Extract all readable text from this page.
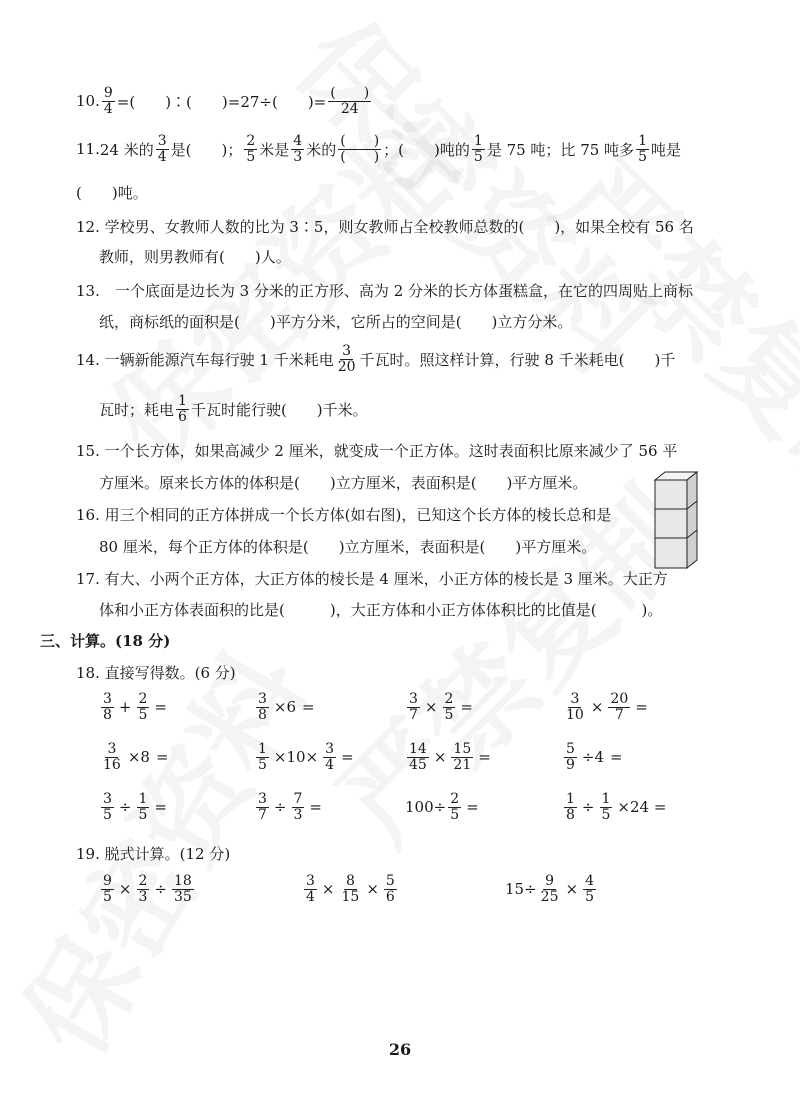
10. $\frac{9}{4}$ =(　　)∶(　　)=27÷(　　)= $\frac{( )}{24}$
11. 24 米的 $\frac{3}{4}$ 是(　　)； $\frac{2}{5}$ 米是 $\frac{4}{3}$ 米的 $\frac{( )}{( )}$ ；(　　)吨的 $\frac{1}{5}$ 是 75 吨；比 75 吨多 $\frac{1}{5}$ 吨是
(　　)吨。
12. 学校男、女教师人数的比为 3∶5，则女教师占全校教师总数的(　　)，如果全校有 56 名
教师，则男教师有(　　)人。
13.　一个底面是边长为 3 分米的正方形、高为 2 分米的长方体蛋糕盒，在它的四周贴上商标
纸，商标纸的面积是(　　)平方分米，它所占的空间是(　　)立方分米。
14. 一辆新能源汽车每行驶 1 千米耗电 $\frac{3}{20}$ 千瓦时。照这样计算，行驶 8 千米耗电(　　)千
瓦时；耗电 $\frac{1}{6}$ 千瓦时能行驶(　　)千米。
15. 一个长方体，如果高减少 2 厘米，就变成一个正方体。这时表面积比原来减少了 56 平
方厘米。原来长方体的体积是(　　)立方厘米，表面积是(　　)平方厘米。
16. 用三个相同的正方体拼成一个长方体(如右图)，已知这个长方体的棱长总和是
80 厘米，每个正方体的体积是(　　)立方厘米，表面积是(　　)平方厘米。
17. 有大、小两个正方体，大正方体的棱长是 4 厘米，小正方体的棱长是 3 厘米。大正方
体和小正方体表面积的比是(　　　)，大正方体和小正方体体积比的比值是(　　　)。
三、计算。(18 分)
18. 直接写得数。(6 分)
$\frac{3}{8} + \frac{2}{5}$ =	$\frac{3}{8} \times 6$ =	$\frac{3}{7} \times \frac{2}{5}$ =	$\frac{3}{10} \times \frac{20}{7}$ =
$\frac{3}{16} \times 8$ =	$\frac{1}{5} \times 10\times \frac{3}{4}$ =	$\frac{14}{45} \times \frac{15}{21}$ =	$\frac{5}{9} \div 4$ =
$\frac{3}{5} \div \frac{1}{5}$ =	$\frac{3}{7} \div \frac{7}{3}$ =	$100\div \frac{2}{5}$ =	$\frac{1}{8} \div \frac{1}{5} \times 24$ =
19. 脱式计算。(12 分)
$\frac{9}{5} \times \frac{2}{3} \div \frac{18}{35}$	$\frac{3}{4} \times \frac{8}{15} \times \frac{5}{6}$	$15\div \frac{9}{25} \times \frac{4}{5}$
26
